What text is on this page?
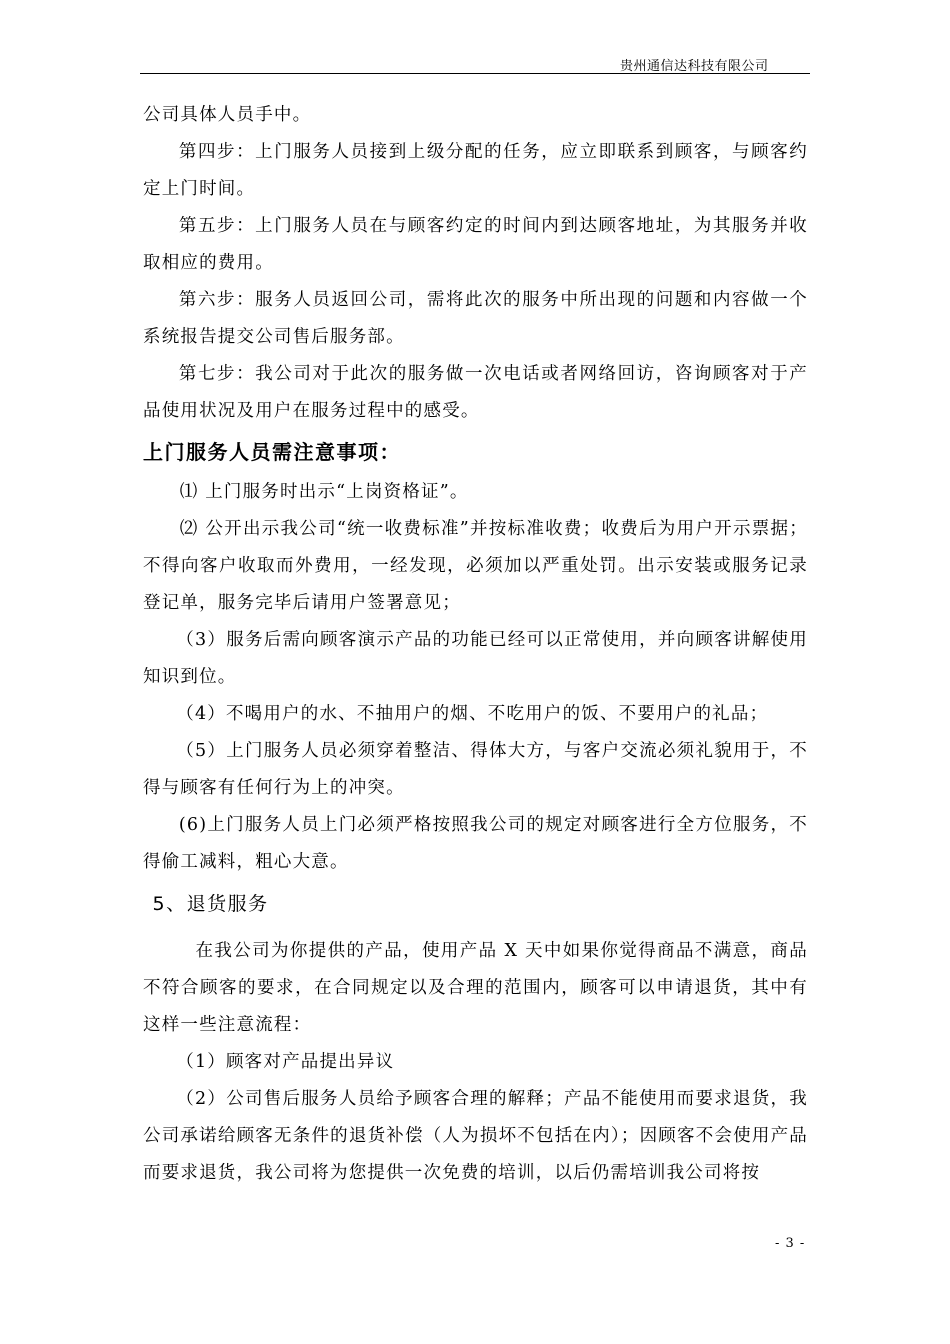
贵州通信达科技有限公司

公司具体人员手中。

第四步：上门服务人员接到上级分配的任务，应立即联系到顾客，与顾客约定上门时间。

第五步：上门服务人员在与顾客约定的时间内到达顾客地址，为其服务并收取相应的费用。

第六步：服务人员返回公司，需将此次的服务中所出现的问题和内容做一个系统报告提交公司售后服务部。

第七步：我公司对于此次的服务做一次电话或者网络回访，咨询顾客对于产品使用状况及用户在服务过程中的感受。

上门服务人员需注意事项：

⑴ 上门服务时出示“上岗资格证”。

⑵ 公开出示我公司“统一收费标准”并按标准收费；收费后为用户开示票据；不得向客户收取而外费用，一经发现，必须加以严重处罚。出示安装或服务记录登记单，服务完毕后请用户签署意见；

（3）服务后需向顾客演示产品的功能已经可以正常使用，并向顾客讲解使用知识到位。

（4）不喝用户的水、不抽用户的烟、不吃用户的饭、不要用户的礼品；

（5）上门服务人员必须穿着整洁、得体大方，与客户交流必须礼貌用于，不得与顾客有任何行为上的冲突。

(6)上门服务人员上门必须严格按照我公司的规定对顾客进行全方位服务，不得偷工减料，粗心大意。

5、退货服务

在我公司为你提供的产品，使用产品 X 天中如果你觉得商品不满意，商品不符合顾客的要求，在合同规定以及合理的范围内，顾客可以申请退货，其中有这样一些注意流程：

（1）顾客对产品提出异议

（2）公司售后服务人员给予顾客合理的解释；产品不能使用而要求退货，我公司承诺给顾客无条件的退货补偿（人为损坏不包括在内）；因顾客不会使用产品而要求退货，我公司将为您提供一次免费的培训，以后仍需培训我公司将按

- 3 -
